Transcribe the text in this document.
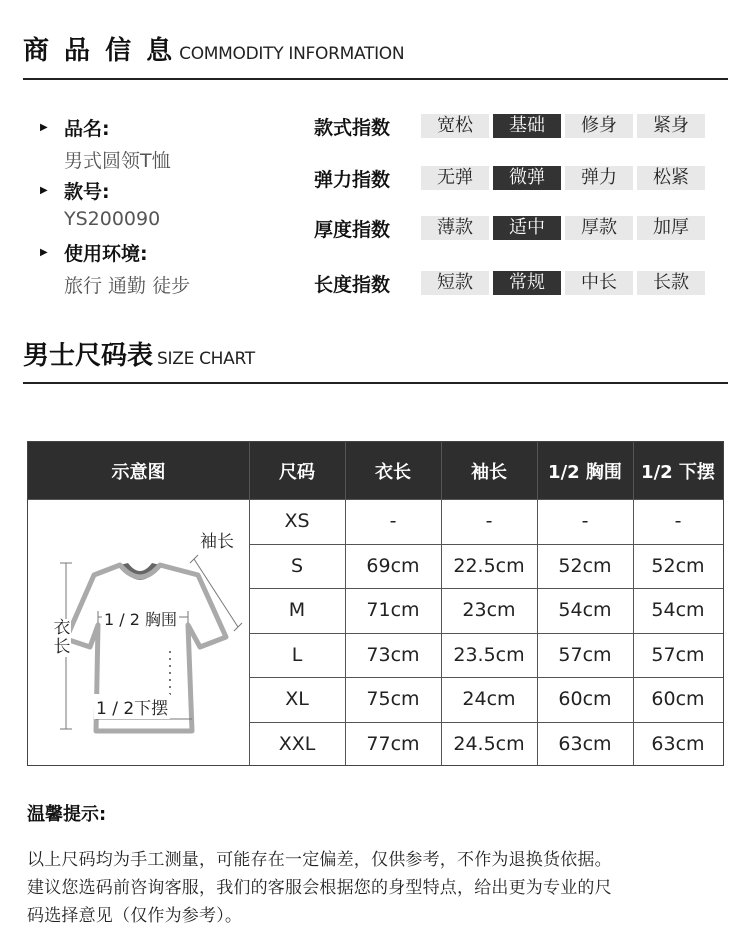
商 品 信 息 COMMODITY INFORMATION
▶ 品名:
男式圆领T恤
▶ 款号:
YS200090
▶ 使用环境:
旅行 通勤 徒步
款式指数	宽松	基础	修身	紧身
弹力指数	无弹	微弹	弹力	松紧
厚度指数	薄款	适中	厚款	加厚
长度指数	短款	常规	中长	长款
男士尺码表 SIZE CHART
袖长
1 / 2 胸围
衣长
1 / 2下摆
示意图	尺码	衣长	袖长	1/2 胸围	1/2 下摆
XS	-	-	-	-
S	69cm	22.5cm	52cm	52cm
M	71cm	23cm	54cm	54cm
L	73cm	23.5cm	57cm	57cm
XL	75cm	24cm	60cm	60cm
XXL	77cm	24.5cm	63cm	63cm
温馨提示:
以上尺码均为手工测量，可能存在一定偏差，仅供参考，不作为退换货依据。
建议您选码前咨询客服，我们的客服会根据您的身型特点，给出更为专业的尺
码选择意见（仅作为参考）。
